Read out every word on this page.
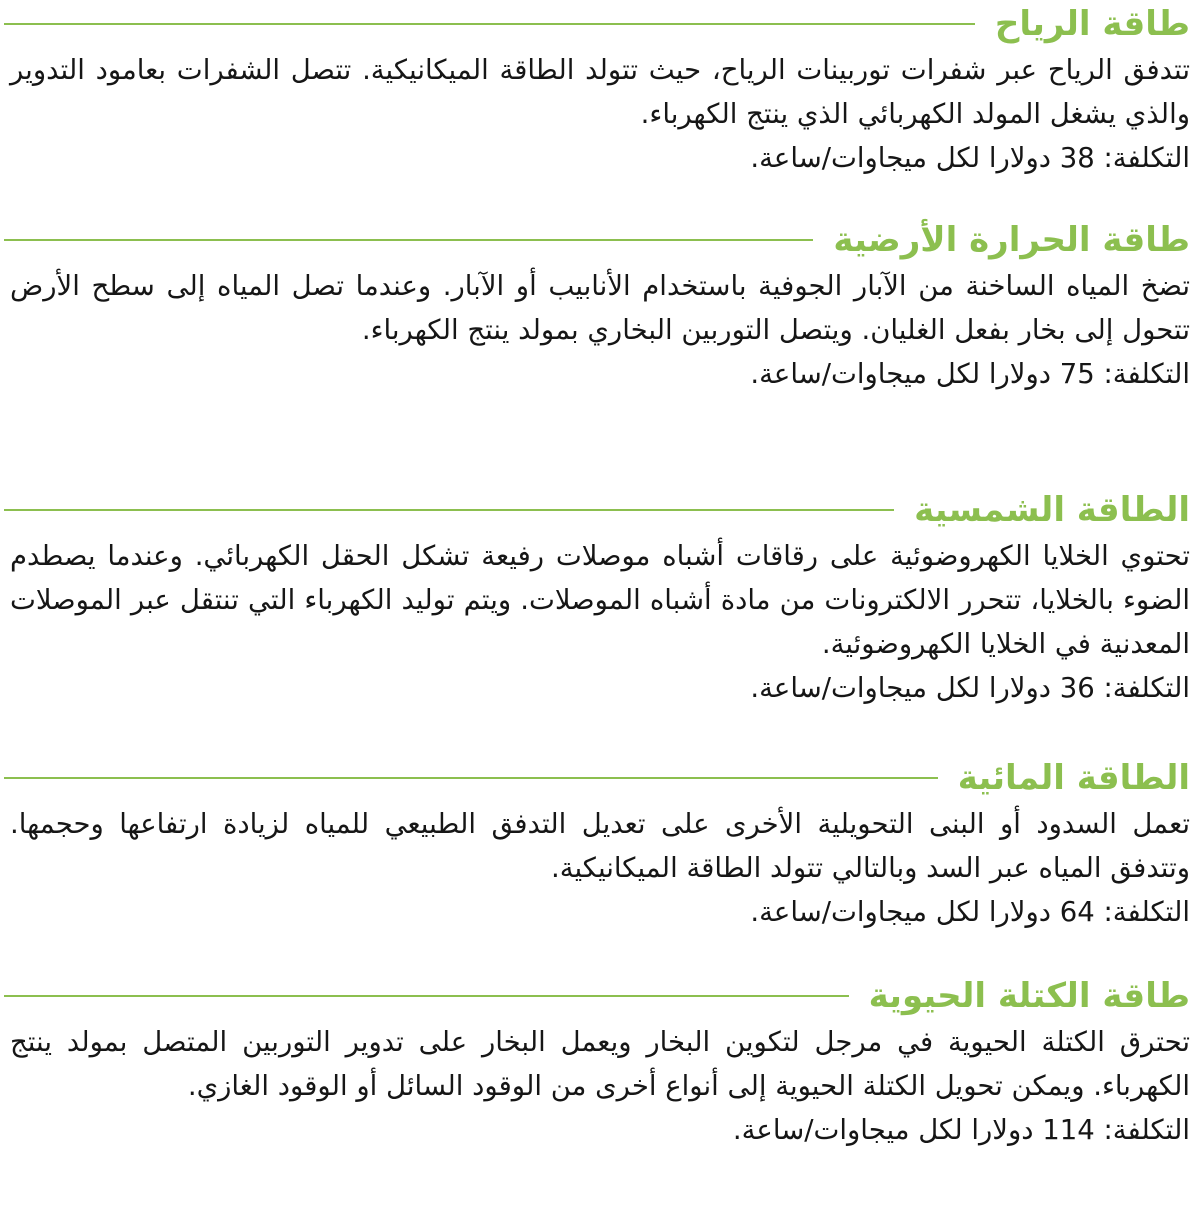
طاقة الرياح

تتدفق الرياح عبر شفرات توربينات الرياح، حيث تتولد الطاقة الميكانيكية. تتصل الشفرات بعامود التدوير والذي يشغل المولد الكهربائي الذي ينتج الكهرباء.

التكلفة: 38 دولارا لكل ميجاوات/ساعة.

طاقة الحرارة الأرضية

تضخ المياه الساخنة من الآبار الجوفية باستخدام الأنابيب أو الآبار. وعندما تصل المياه إلى سطح الأرض تتحول إلى بخار بفعل الغليان. ويتصل التوربين البخاري بمولد ينتج الكهرباء.

التكلفة: 75 دولارا لكل ميجاوات/ساعة.

الطاقة الشمسية

تحتوي الخلايا الكهروضوئية على رقاقات أشباه موصلات رفيعة تشكل الحقل الكهربائي. وعندما يصطدم الضوء بالخلايا، تتحرر الالكترونات من مادة أشباه الموصلات. ويتم توليد الكهرباء التي تنتقل عبر الموصلات المعدنية في الخلايا الكهروضوئية.

التكلفة: 36 دولارا لكل ميجاوات/ساعة.

الطاقة المائية

تعمل السدود أو البنى التحويلية الأخرى على تعديل التدفق الطبيعي للمياه لزيادة ارتفاعها وحجمها. وتتدفق المياه عبر السد وبالتالي تتولد الطاقة الميكانيكية.

التكلفة: 64 دولارا لكل ميجاوات/ساعة.

طاقة الكتلة الحيوية

تحترق الكتلة الحيوية في مرجل لتكوين البخار ويعمل البخار على تدوير التوربين المتصل بمولد ينتج الكهرباء. ويمكن تحويل الكتلة الحيوية إلى أنواع أخرى من الوقود السائل أو الوقود الغازي.

التكلفة: 114 دولارا لكل ميجاوات/ساعة.
